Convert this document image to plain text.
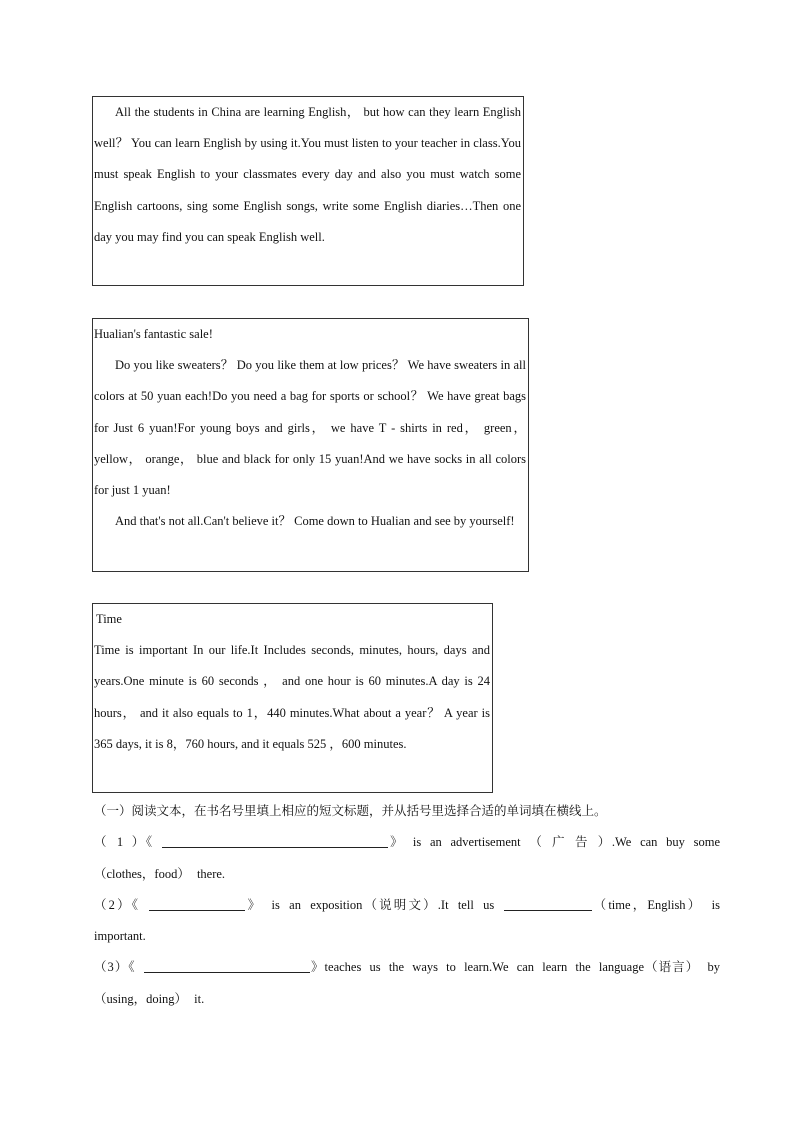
All the students in China are learning English， but how can they learn English well？ You can learn English by using it.You must listen to your teacher in class.You must speak English to your classmates every day and also you must watch some English cartoons, sing some English songs, write some English diaries…Then one day you may find you can speak English well.

Hualian's fantastic sale!

Do you like sweaters？ Do you like them at low prices？ We have sweaters in all colors at 50 yuan each!Do you need a bag for sports or school？ We have great bags for Just 6 yuan!For young boys and girls， we have T - shirts in red， green， yellow， orange， blue and black for only 15 yuan!And we have socks in all colors for just 1 yuan!

And that's not all.Can't believe it？ Come down to Hualian and see by yourself!

Time

Time is important In our life.It Includes seconds, minutes, hours, days and years.One minute is 60 seconds ， and one hour is 60 minutes.A day is 24 hours， and it also equals to 1，440 minutes.What about a year？ A year is 365 days, it is 8，760 hours, and it equals 525 ，600 minutes.

（一）阅读文本，在书名号里填上相应的短文标题，并从括号里选择合适的单词填在横线上。

（ 1 ）《	》 is an advertisement （ 广 告 ）.We can buy some （clothes，food） there.

（2）《	》 is an exposition（说明文）.It tell us	（time，English） is important.

（3）《	》teaches us the ways to learn.We can learn the language（语言） by （using，doing） it.
